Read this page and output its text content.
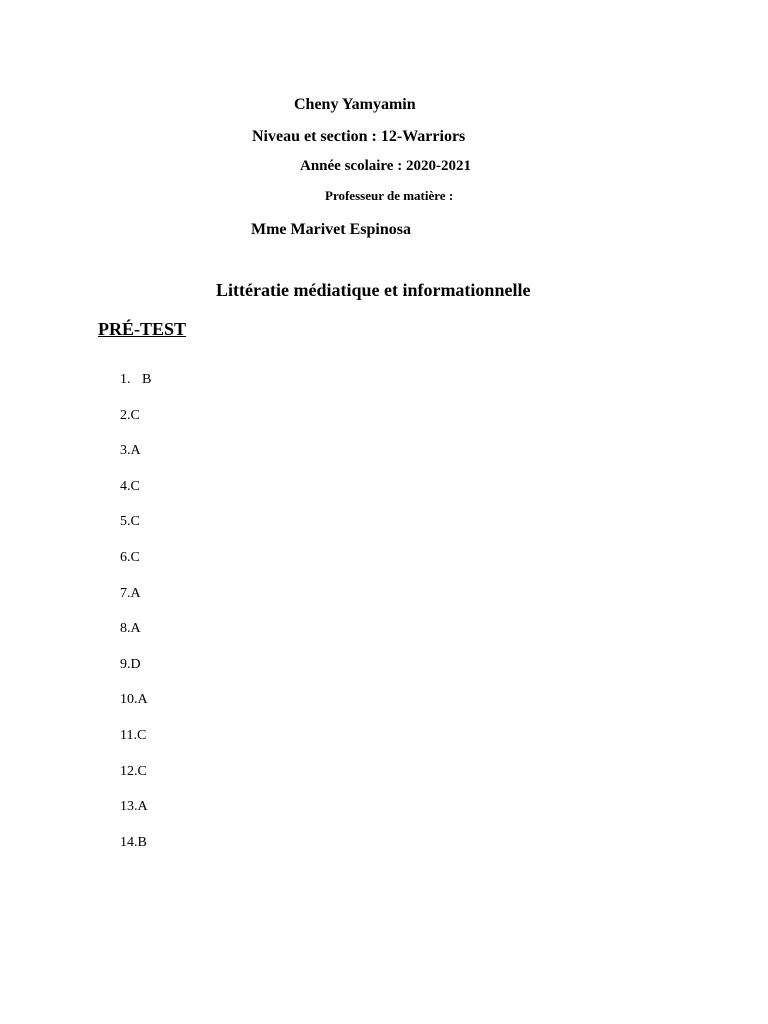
Cheny Yamyamin
Niveau et section : 12-Warriors
Année scolaire : 2020-2021
Professeur de matière :
Mme Marivet Espinosa
Littératie médiatique et informationnelle
PRÉ-TEST
1. B
2.C
3.A
4.C
5.C
6.C
7.A
8.A
9.D
10.A
11.C
12.C
13.A
14.B
